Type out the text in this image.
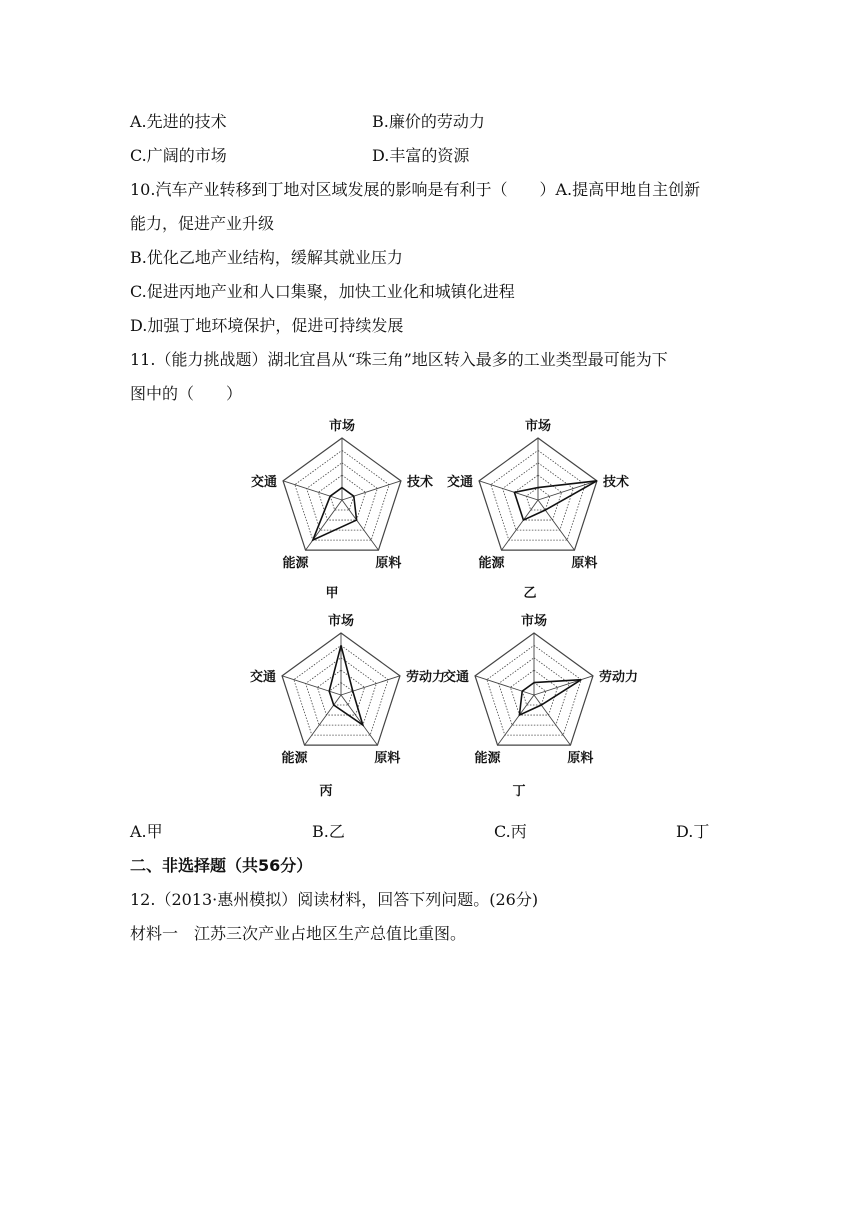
A.先进的技术	B.廉价的劳动力
C.广阔的市场	D.丰富的资源
10.汽车产业转移到丁地对区域发展的影响是有利于（　　）A.提高甲地自主创新
能力，促进产业升级
B.优化乙地产业结构，缓解其就业压力
C.促进丙地产业和人口集聚，加快工业化和城镇化进程
D.加强丁地环境保护，促进可持续发展
11.（能力挑战题）湖北宜昌从“珠三角”地区转入最多的工业类型最可能为下
图中的（　　）
甲
市场
技术
原料
能源
交通
乙
市场
技术
原料
能源
交通
丙
市场
劳动力
原料
能源
交通
丁
市场
劳动力
原料
能源
交通
A.甲	B.乙	C.丙	D.丁
二、非选择题（共56分）
12.（2013·惠州模拟）阅读材料，回答下列问题。(26分)
材料一　江苏三次产业占地区生产总值比重图。
